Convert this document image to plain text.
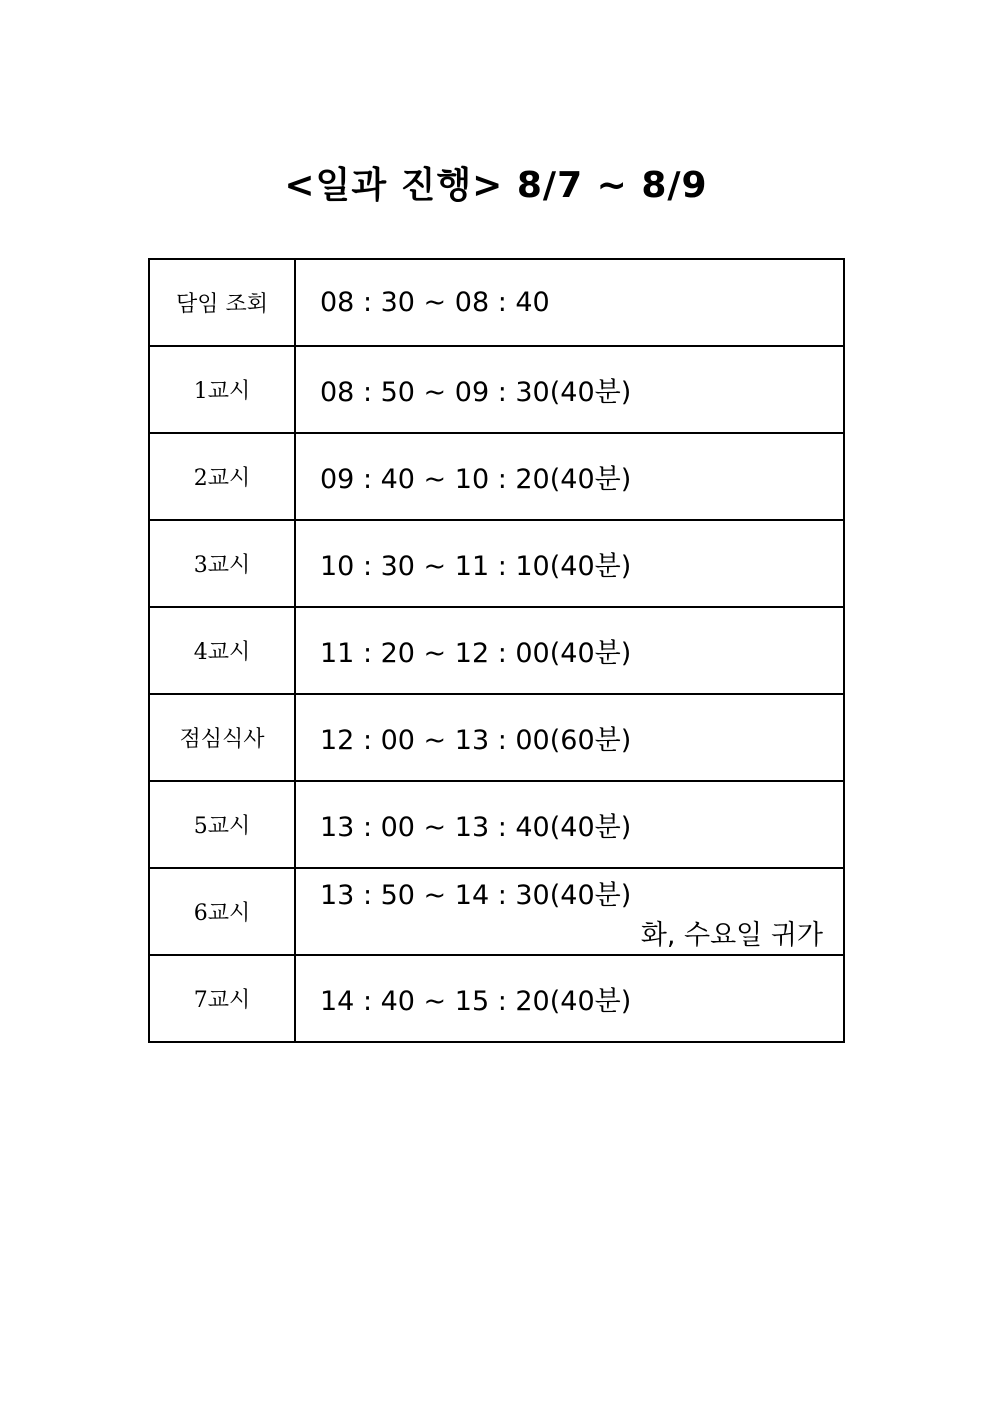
<일과 진행> 8/7 ~ 8/9
담임 조회	08 : 30 ~ 08 : 40
1교시	08 : 50 ~ 09 : 30(40분)
2교시	09 : 40 ~ 10 : 20(40분)
3교시	10 : 30 ~ 11 : 10(40분)
4교시	11 : 20 ~ 12 : 00(40분)
점심식사	12 : 00 ~ 13 : 00(60분)
5교시	13 : 00 ~ 13 : 40(40분)
6교시	13 : 50 ~ 14 : 30(40분)
화, 수요일 귀가

7교시	14 : 40 ~ 15 : 20(40분)
